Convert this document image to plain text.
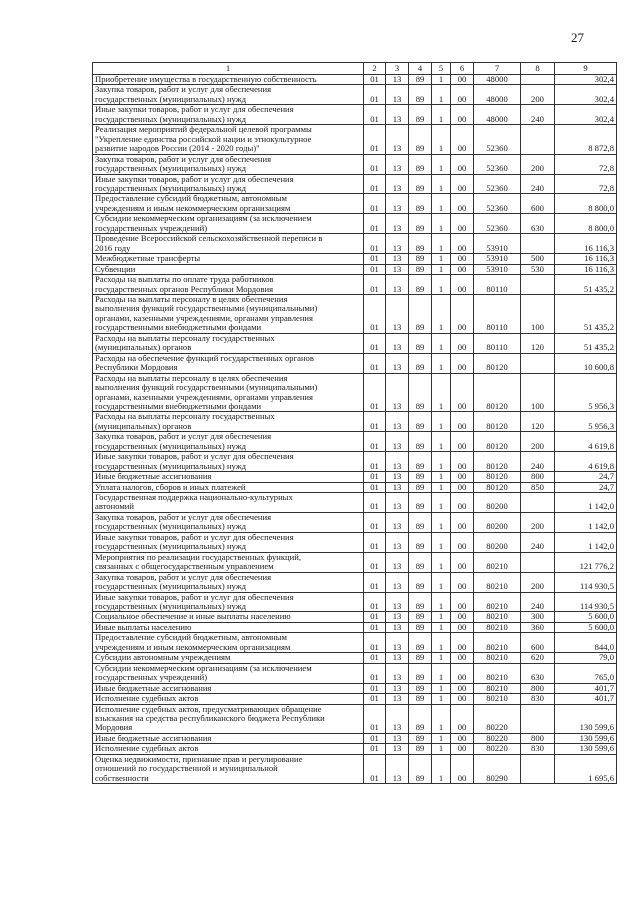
27
1	2	3	4	5	6	7	8	9
Приобретение имущества в государственную собственность	01	13	89	1	00	48000		302,4
Закупка товаров, работ и услуг для обеспечения
государственных (муниципальных) нужд	01	13	89	1	00	48000	200	302,4
Иные закупки товаров, работ и услуг для обеспечения
государственных (муниципальных) нужд	01	13	89	1	00	48000	240	302,4
Реализация мероприятий федеральной целевой программы
"Укрепление единства российской нации и этнокультурное
развитие народов России (2014 - 2020 годы)"	01	13	89	1	00	52360		8 872,8
Закупка товаров, работ и услуг для обеспечения
государственных (муниципальных) нужд	01	13	89	1	00	52360	200	72,8
Иные закупки товаров, работ и услуг для обеспечения
государственных (муниципальных) нужд	01	13	89	1	00	52360	240	72,8
Предоставление субсидий бюджетным, автономным
учреждениям и иным некоммерческим организациям	01	13	89	1	00	52360	600	8 800,0
Субсидии некоммерческим организациям (за исключением
государственных учреждений)	01	13	89	1	00	52360	630	8 800,0
Проведение Всероссийской сельскохозяйственной переписи в
2016 году	01	13	89	1	00	53910		16 116,3
Межбюджетные трансферты	01	13	89	1	00	53910	500	16 116,3
Субвенции	01	13	89	1	00	53910	530	16 116,3
Расходы на выплаты по оплате труда работников
государственных органов Республики Мордовия	01	13	89	1	00	80110		51 435,2
Расходы на выплаты персоналу в целях обеспечения
выполнения функций государственными (муниципальными)
органами, казенными учреждениями, органами управления
государственными внебюджетными фондами	01	13	89	1	00	80110	100	51 435,2
Расходы на выплаты персоналу государственных
(муниципальных) органов	01	13	89	1	00	80110	120	51 435,2
Расходы на обеспечение функций государственных органов
Республики Мордовия	01	13	89	1	00	80120		10 600,8
Расходы на выплаты персоналу в целях обеспечения
выполнения функций государственными (муниципальными)
органами, казенными учреждениями, органами управления
государственными внебюджетными фондами	01	13	89	1	00	80120	100	5 956,3
Расходы на выплаты персоналу государственных
(муниципальных) органов	01	13	89	1	00	80120	120	5 956,3
Закупка товаров, работ и услуг для обеспечения
государственных (муниципальных) нужд	01	13	89	1	00	80120	200	4 619,8
Иные закупки товаров, работ и услуг для обеспечения
государственных (муниципальных) нужд	01	13	89	1	00	80120	240	4 619,8
Иные бюджетные ассигнования	01	13	89	1	00	80120	800	24,7
Уплата налогов, сборов и иных платежей	01	13	89	1	00	80120	850	24,7
Государственная поддержка национально-культурных
автономий	01	13	89	1	00	80200		1 142,0
Закупка товаров, работ и услуг для обеспечения
государственных (муниципальных) нужд	01	13	89	1	00	80200	200	1 142,0
Иные закупки товаров, работ и услуг для обеспечения
государственных (муниципальных) нужд	01	13	89	1	00	80200	240	1 142,0
Мероприятия по реализации государственных функций,
связанных с общегосударственным управлением	01	13	89	1	00	80210		121 776,2
Закупка товаров, работ и услуг для обеспечения
государственных (муниципальных) нужд	01	13	89	1	00	80210	200	114 930,5
Иные закупки товаров, работ и услуг для обеспечения
государственных (муниципальных) нужд	01	13	89	1	00	80210	240	114 930,5
Социальное обеспечение и иные выплаты населению	01	13	89	1	00	80210	300	5 600,0
Иные выплаты населению	01	13	89	1	00	80210	360	5 600,0
Предоставление субсидий бюджетным, автономным
учреждениям и иным некоммерческим организациям	01	13	89	1	00	80210	600	844,0
Субсидии автономным учреждениям	01	13	89	1	00	80210	620	79,0
Субсидии некоммерческим организациям (за исключением
государственных учреждений)	01	13	89	1	00	80210	630	765,0
Иные бюджетные ассигнования	01	13	89	1	00	80210	800	401,7
Исполнение судебных актов	01	13	89	1	00	80210	830	401,7
Исполнение судебных актов, предусматривающих обращение
взыскания на средства республиканского бюджета Республики
Мордовия	01	13	89	1	00	80220		130 599,6
Иные бюджетные ассигнования	01	13	89	1	00	80220	800	130 599,6
Исполнение судебных актов	01	13	89	1	00	80220	830	130 599,6
Оценка недвижимости, признание прав и регулирование
отношений по государственной и муниципальной
собственности	01	13	89	1	00	80290		1 695,6
